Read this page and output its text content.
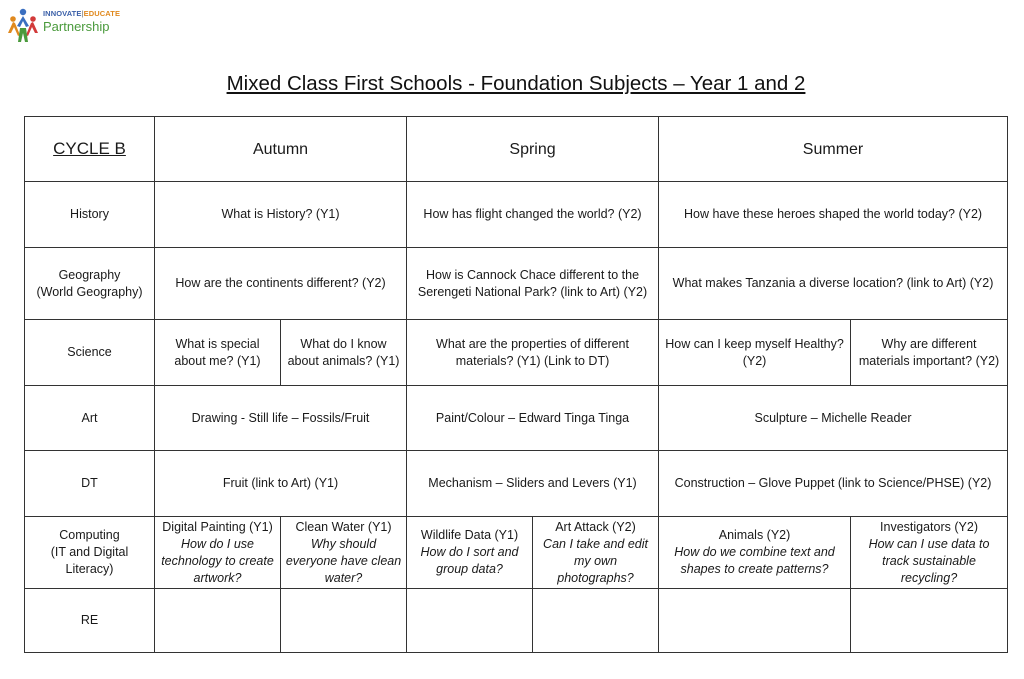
INNOVATE|EDUCATE
Partnership
Mixed Class First Schools - Foundation Subjects – Year 1 and 2
CYCLE B	Autumn		Spring		Summer	
History	What is History? (Y1)		How has flight changed the world? (Y2)		How have these heroes shaped the world today? (Y2)	

Geography
(World Geography)	How are the continents different? (Y2)		How is Cannock Chace different to the
Serengeti National Park? (link to Art) (Y2)		What makes Tanzania a diverse location? (link to Art) (Y2)	
Science	What is special about me? (Y1)	What do I know about animals? (Y1)	What are the properties of different
materials? (Y1) (Link to DT)		How can I keep myself Healthy? (Y2)	Why are different materials important? (Y2)
Art	Drawing - Still life – Fossils/Fruit		Paint/Colour – Edward Tinga Tinga		Sculpture – Michelle Reader	
DT	Fruit (link to Art) (Y1)		Mechanism – Sliders and Levers (Y1)		Construction – Glove Puppet (link to Science/PHSE) (Y2)	

Computing
(IT and Digital
Literacy)	Digital Painting (Y1)
How do I use technology to create artwork?	Clean Water (Y1)
Why should everyone have clean water?	Wildlife Data (Y1)
How do I sort and group data?	Art Attack (Y2)
Can I take and edit my own photographs?	Animals (Y2)
How do we combine text and shapes to create patterns?	Investigators (Y2)
How can I use data to track sustainable recycling?

RE						
